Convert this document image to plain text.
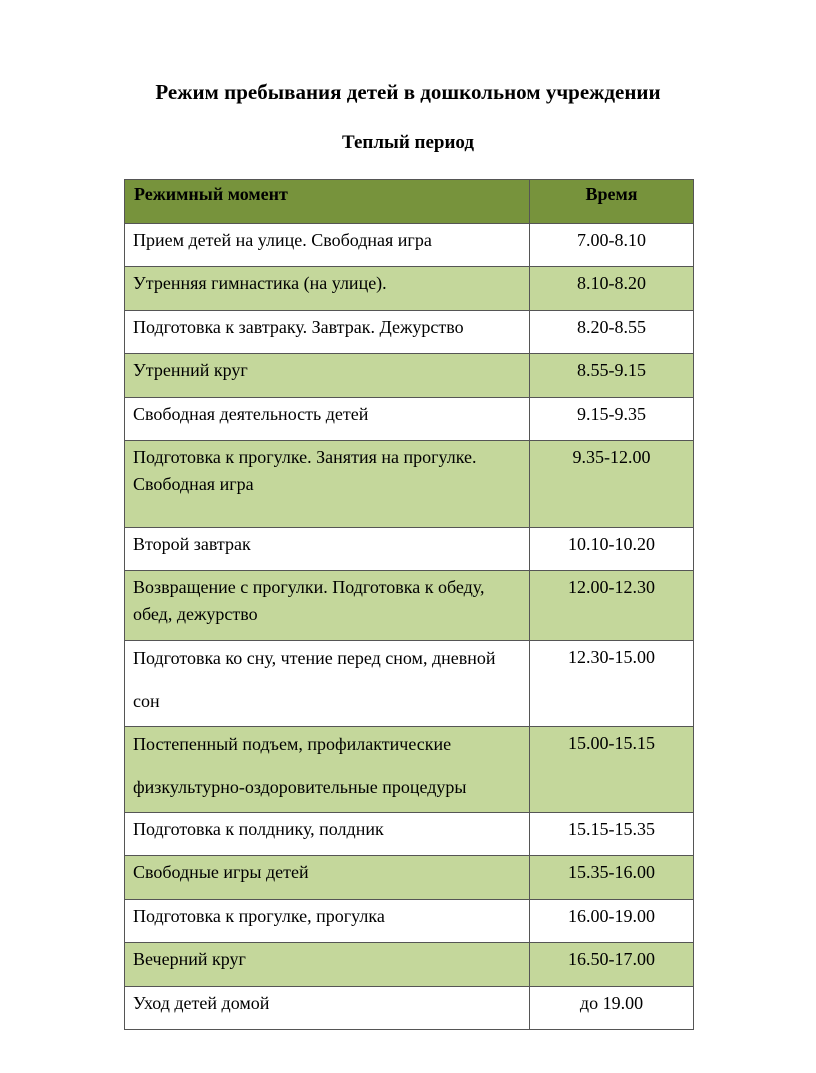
Режим пребывания детей в дошкольном учреждении
Теплый период
Режимный момент	Время

Прием детей на улице. Свободная игра	7.00-8.10

Утренняя гимнастика (на улице).	8.10-8.20

Подготовка к завтраку. Завтрак. Дежурство	8.20-8.55

Утренний круг	8.55-9.15

Свободная деятельность детей	9.15-9.35

Подготовка к прогулке. Занятия на прогулке. Свободная игра	9.35-12.00

Второй завтрак	10.10-10.20

Возвращение с прогулки. Подготовка к обеду, обед, дежурство	12.00-12.30

Подготовка ко сну, чтение перед сном, дневной сон	12.30-15.00

Постепенный подъем, профилактические физкультурно-оздоровительные процедуры	15.00-15.15

Подготовка к полднику, полдник	15.15-15.35

Свободные игры детей	15.35-16.00

Подготовка к прогулке, прогулка	16.00-19.00

Вечерний круг	16.50-17.00

Уход детей домой	до 19.00
